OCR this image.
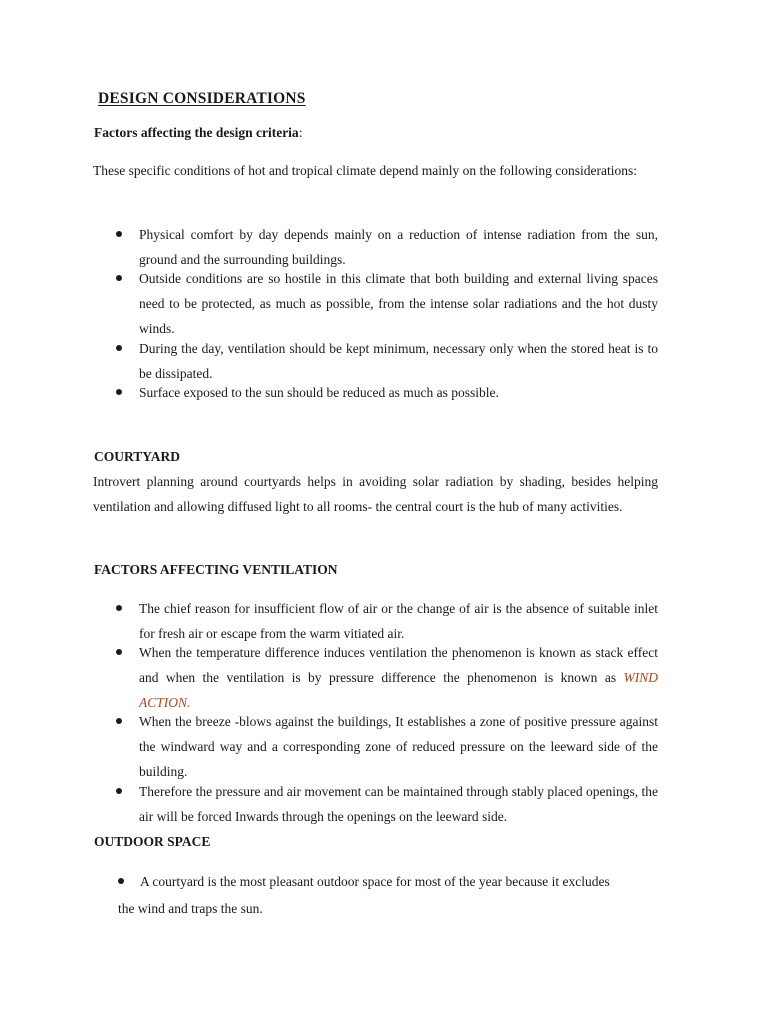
DESIGN CONSIDERATIONS
Factors affecting the design criteria:

These specific conditions of hot and tropical climate depend mainly on the following considerations:

Physical comfort by day depends mainly on a reduction of intense radiation from the sun, ground and the surrounding buildings.

Outside conditions are so hostile in this climate that both building and external living spaces need to be protected, as much as possible, from the intense solar radiations and the hot dusty winds.

During the day, ventilation should be kept minimum, necessary only when the stored heat is to be dissipated.

Surface exposed to the sun should be reduced as much as possible.

COURTYARD

Introvert planning around courtyards helps in avoiding solar radiation by shading, besides helping ventilation and allowing diffused light to all rooms- the central court is the hub of many activities.

FACTORS AFFECTING VENTILATION

The chief reason for insufficient flow of air or the change of air is the absence of suitable inlet for fresh air or escape from the warm vitiated air.

When the temperature difference induces ventilation the phenomenon is known as stack effect and when the ventilation is by pressure difference the phenomenon is known as WIND ACTION.

When the breeze -blows against the buildings, It establishes a zone of positive pressure against the windward way and a corresponding zone of reduced pressure on the leeward side of the building.

Therefore the pressure and air movement can be maintained through stably placed openings, the air will be forced Inwards through the openings on the leeward side.

OUTDOOR SPACE
A courtyard is the most pleasant outdoor space for most of the year because it excludes
the wind and traps the sun.
